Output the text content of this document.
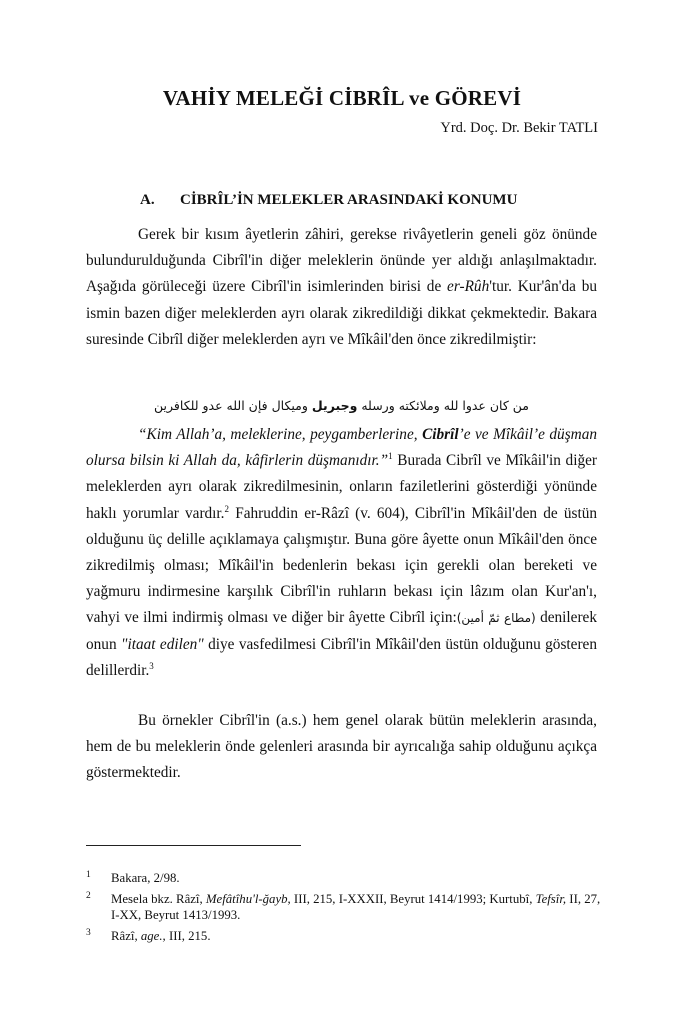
VAHİY MELEĞİ CİBRÎL ve GÖREVİ
Yrd. Doç. Dr. Bekir TATLI
A. CİBRÎL’İN MELEKLER ARASINDAKİ KONUMU

Gerek bir kısım âyetlerin zâhiri, gerekse rivâyetlerin geneli göz önünde bulundurulduğunda Cibrîl'in diğer meleklerin önünde yer aldığı anlaşılmaktadır. Aşağıda görüleceği üzere Cibrîl'in isimlerinden birisi de er-Rûh'tur. Kur'ân'da bu ismin bazen diğer meleklerden ayrı olarak zikredildiği dikkat çekmektedir. Bakara suresinde Cibrîl diğer meleklerden ayrı ve Mîkâil'den önce zikredilmiştir:

من كان عدوا لله وملائكته ورسله وجبريل وميكال فإن الله عدو للكافرين

“Kim Allah’a, meleklerine, peygamberlerine, Cibrîl’e ve Mîkâil’e düşman olursa bilsin ki Allah da, kâfirlerin düşmanıdır.”$^1$ Burada Cibrîl ve Mîkâil'in diğer meleklerden ayrı olarak zikredilmesinin, onların faziletlerini gösterdiği yönünde haklı yorumlar vardır.$^2$ Fahruddin er-Râzî (v. 604), Cibrîl'in Mîkâil'den de üstün olduğunu üç delille açıklamaya çalışmıştır. Buna göre âyette onun Mîkâil'den önce zikredilmiş olması; Mîkâil'in bedenlerin bekası için gerekli olan bereketi ve yağmuru indirmesine karşılık Cibrîl'in ruhların bekası için lâzım olan Kur'an'ı, vahyi ve ilmi indirmiş olması ve diğer bir âyette Cibrîl için:(مطاع ثمّ أمين) denilerek onun "itaat edilen" diye vasfedilmesi Cibrîl'in Mîkâil'den üstün olduğunu gösteren delillerdir.$^3$

Bu örnekler Cibrîl'in (a.s.) hem genel olarak bütün meleklerin arasında, hem de bu meleklerin önde gelenleri arasında bir ayrıcalığa sahip olduğunu açıkça göstermektedir.

1 Bakara, 2/98.
2 Mesela bkz. Râzî, Mefâtîhu'l-ğayb, III, 215, I-XXXII, Beyrut 1414/1993; Kurtubî, Tefsîr, II, 27, I-XX, Beyrut 1413/1993.
3 Râzî, age., III, 215.
